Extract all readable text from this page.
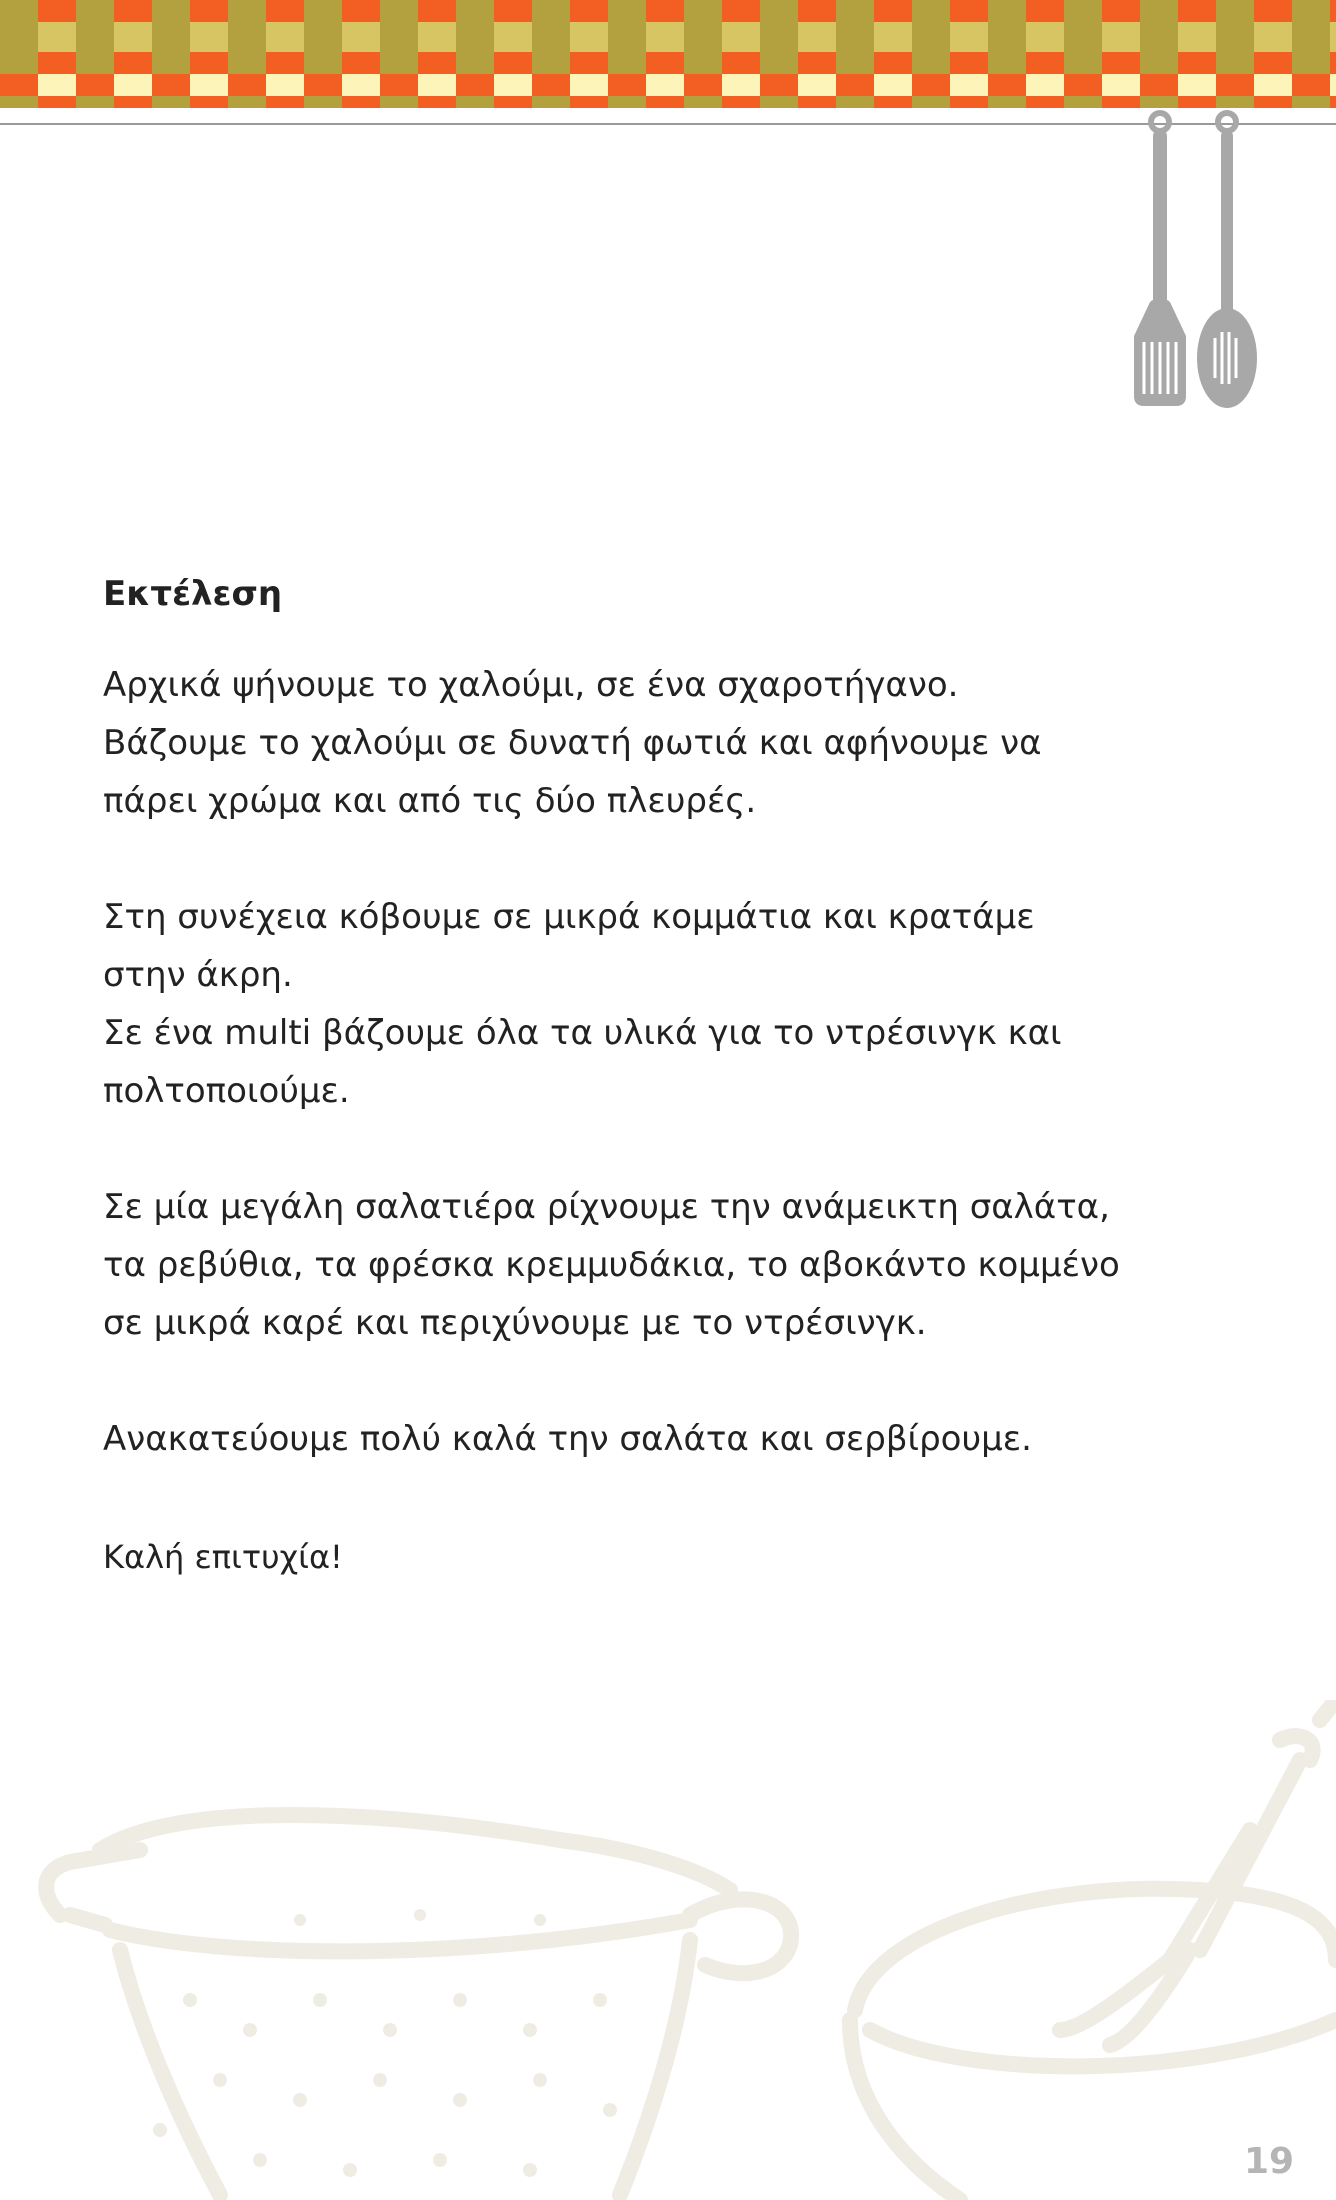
Εκτέλεση

Αρχικά ψήνουμε το χαλούμι, σε ένα σχαροτήγανο.
Βάζουμε το χαλούμι σε δυνατή φωτιά και αφήνουμε να
πάρει χρώμα και από τις δύο πλευρές.

Στη συνέχεια κόβουμε σε μικρά κομμάτια και κρατάμε
στην άκρη.
Σε ένα multi βάζουμε όλα τα υλικά για το ντρέσινγκ και
πολτοποιούμε.

Σε μία μεγάλη σαλατιέρα ρίχνουμε την ανάμεικτη σαλάτα,
τα ρεβύθια, τα φρέσκα κρεμμυδάκια, το αβοκάντο κομμένο
σε μικρά καρέ και περιχύνουμε με το ντρέσινγκ.

Ανακατεύουμε πολύ καλά την σαλάτα και σερβίρουμε.

Καλή επιτυχία!
19
